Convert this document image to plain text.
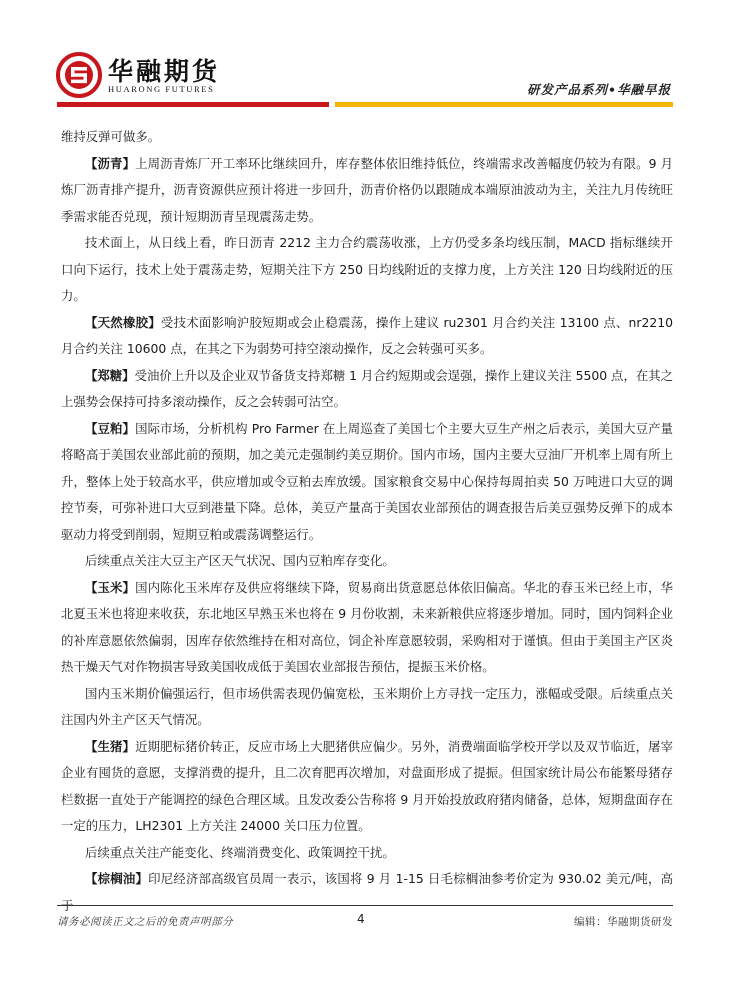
华融期货
HUARONG FUTURES	研发产品系列•华融早报

维持反弹可做多。

【沥青】上周沥青炼厂开工率环比继续回升，库存整体依旧维持低位，终端需求改善幅度仍较为有限。9 月炼厂沥青排产提升，沥青资源供应预计将进一步回升，沥青价格仍以跟随成本端原油波动为主，关注九月传统旺季需求能否兑现，预计短期沥青呈现震荡走势。

技术面上，从日线上看，昨日沥青 2212 主力合约震荡收涨，上方仍受多条均线压制，MACD 指标继续开口向下运行，技术上处于震荡走势，短期关注下方 250 日均线附近的支撑力度，上方关注 120 日均线附近的压力。

【天然橡胶】受技术面影响沪胶短期或会止稳震荡，操作上建议 ru2301 月合约关注 13100 点、nr2210 月合约关注 10600 点，在其之下为弱势可持空滚动操作，反之会转强可买多。

【郑糖】受油价上升以及企业双节备货支持郑糖 1 月合约短期或会逞强，操作上建议关注 5500 点，在其之上强势会保持可持多滚动操作，反之会转弱可沽空。

【豆粕】国际市场，分析机构 Pro Farmer 在上周巡查了美国七个主要大豆生产州之后表示，美国大豆产量将略高于美国农业部此前的预期，加之美元走强制约美豆期价。国内市场，国内主要大豆油厂开机率上周有所上升，整体上处于较高水平，供应增加或令豆粕去库放缓。国家粮食交易中心保持每周拍卖 50 万吨进口大豆的调控节奏，可弥补进口大豆到港量下降。总体，美豆产量高于美国农业部预估的调查报告后美豆强势反弹下的成本驱动力将受到削弱，短期豆粕或震荡调整运行。

后续重点关注大豆主产区天气状况、国内豆粕库存变化。

【玉米】国内陈化玉米库存及供应将继续下降，贸易商出货意愿总体依旧偏高。华北的春玉米已经上市，华北夏玉米也将迎来收获，东北地区早熟玉米也将在 9 月份收割，未来新粮供应将逐步增加。同时，国内饲料企业的补库意愿依然偏弱，因库存依然维持在相对高位，饲企补库意愿较弱，采购相对于谨慎。但由于美国主产区炎热干燥天气对作物损害导致美国收成低于美国农业部报告预估，提振玉米价格。

国内玉米期价偏强运行，但市场供需表现仍偏宽松，玉米期价上方寻找一定压力，涨幅或受限。后续重点关注国内外主产区天气情况。

【生猪】近期肥标猪价转正，反应市场上大肥猪供应偏少。另外，消费端面临学校开学以及双节临近，屠宰企业有囤货的意愿，支撑消费的提升，且二次育肥再次增加，对盘面形成了提振。但国家统计局公布能繁母猪存栏数据一直处于产能调控的绿色合理区域。且发改委公告称将 9 月开始投放政府猪肉储备，总体，短期盘面存在一定的压力，LH2301 上方关注 24000 关口压力位置。

后续重点关注产能变化、终端消费变化、政策调控干扰。

【棕榈油】印尼经济部高级官员周一表示，该国将 9 月 1-15 日毛棕榈油参考价定为 930.02 美元/吨，高于

请务必阅读正文之后的免责声明部分	4	编辑：华融期货研发
